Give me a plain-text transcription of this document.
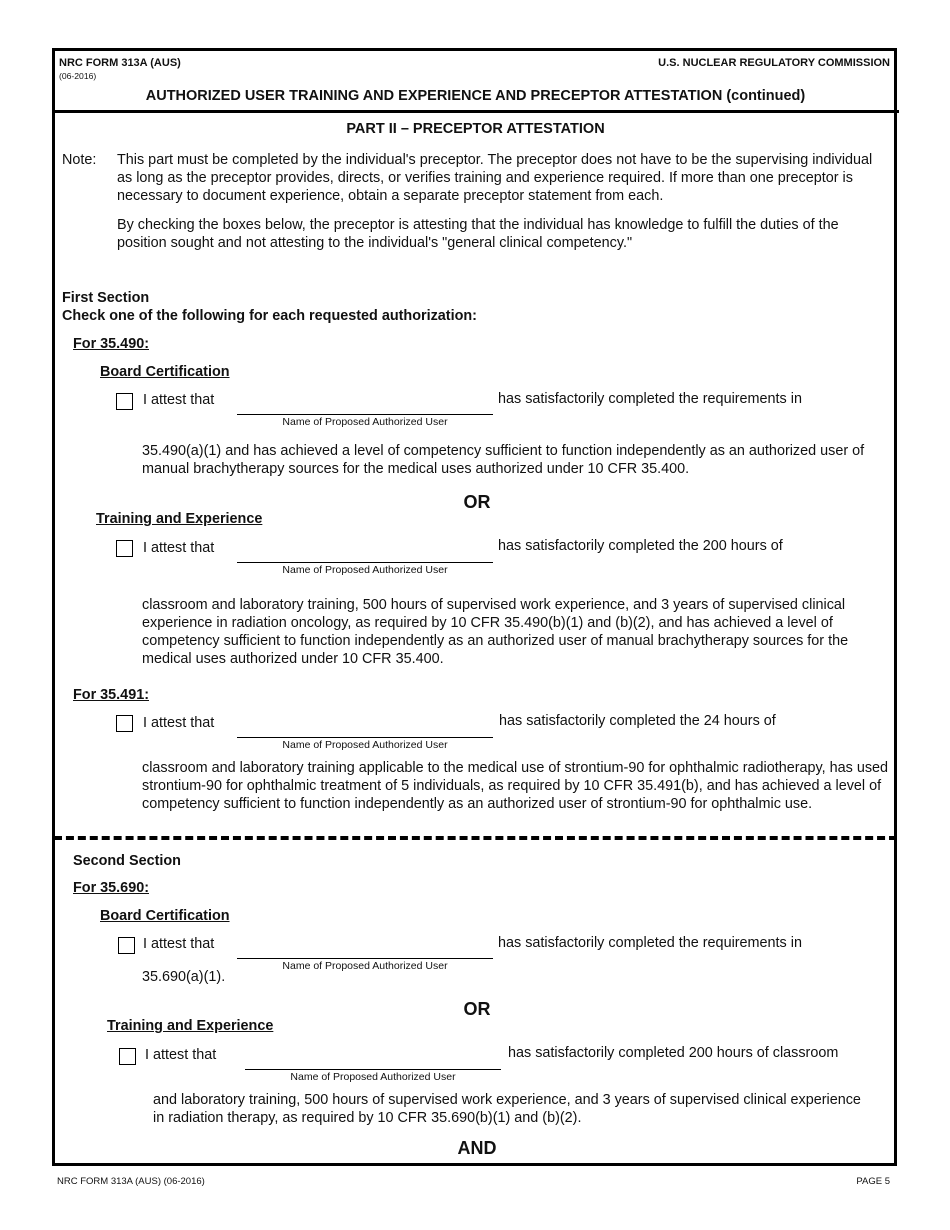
NRC FORM 313A (AUS)
(06-2016)
U.S. NUCLEAR REGULATORY COMMISSION
AUTHORIZED USER TRAINING AND EXPERIENCE AND PRECEPTOR ATTESTATION (continued)
PART II – PRECEPTOR ATTESTATION
Note: This part must be completed by the individual's preceptor. The preceptor does not have to be the supervising individual as long as the preceptor provides, directs, or verifies training and experience required. If more than one preceptor is necessary to document experience, obtain a separate preceptor statement from each.
By checking the boxes below, the preceptor is attesting that the individual has knowledge to fulfill the duties of the position sought and not attesting to the individual's "general clinical competency."
First Section
Check one of the following for each requested authorization:
For 35.490:
Board Certification
I attest that
Name of Proposed Authorized User
has satisfactorily completed the requirements in
35.490(a)(1) and has achieved a level of competency sufficient to function independently as an authorized user of manual brachytherapy sources for the medical uses authorized under 10 CFR 35.400.
OR
Training and Experience
I attest that
Name of Proposed Authorized User
has satisfactorily completed the 200 hours of
classroom and laboratory training, 500 hours of supervised work experience, and 3 years of supervised clinical experience in radiation oncology, as required by 10 CFR 35.490(b)(1) and (b)(2), and has achieved a level of competency sufficient to function independently as an authorized user of manual brachytherapy sources for the medical uses authorized under 10 CFR 35.400.
For 35.491:
I attest that
Name of Proposed Authorized User
has satisfactorily completed the 24 hours of
classroom and laboratory training applicable to the medical use of strontium-90 for ophthalmic radiotherapy, has used strontium-90 for ophthalmic treatment of 5 individuals, as required by 10 CFR 35.491(b), and has achieved a level of competency sufficient to function independently as an authorized user of strontium-90 for ophthalmic use.
Second Section
For 35.690:
Board Certification
I attest that
Name of Proposed Authorized User
has satisfactorily completed the requirements in
35.690(a)(1).
OR
Training and Experience
I attest that
Name of Proposed Authorized User
has satisfactorily completed 200 hours of classroom
and laboratory training, 500 hours of supervised work experience, and 3 years of supervised clinical experience in radiation therapy, as required by 10 CFR 35.690(b)(1) and (b)(2).
AND
NRC FORM 313A (AUS) (06-2016)	PAGE 5
